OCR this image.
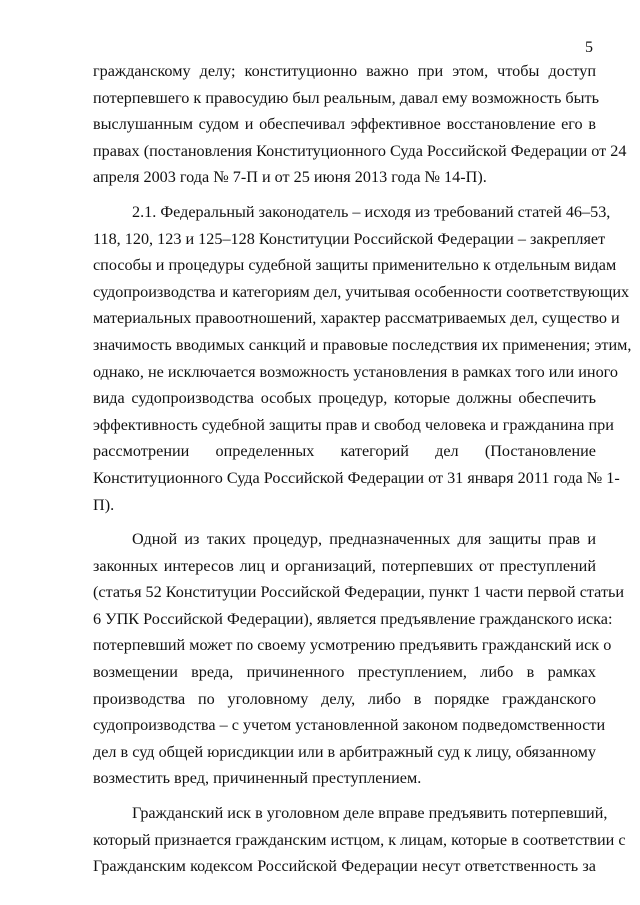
5
гражданскому делу; конституционно важно при этом, чтобы доступ
потерпевшего к правосудию был реальным, давал ему возможность быть
выслушанным судом и обеспечивал эффективное восстановление его в
правах (постановления Конституционного Суда Российской Федерации от 24
апреля 2003 года № 7-П и от 25 июня 2013 года № 14-П).
2.1. Федеральный законодатель – исходя из требований статей 46–53,
118, 120, 123 и 125–128 Конституции Российской Федерации – закрепляет
способы и процедуры судебной защиты применительно к отдельным видам
судопроизводства и категориям дел, учитывая особенности соответствующих
материальных правоотношений, характер рассматриваемых дел, существо и
значимость вводимых санкций и правовые последствия их применения; этим,
однако, не исключается возможность установления в рамках того или иного
вида судопроизводства особых процедур, которые должны обеспечить
эффективность судебной защиты прав и свобод человека и гражданина при
рассмотрении определенных категорий дел (Постановление
Конституционного Суда Российской Федерации от 31 января 2011 года № 1-
П).
Одной из таких процедур, предназначенных для защиты прав и
законных интересов лиц и организаций, потерпевших от преступлений
(статья 52 Конституции Российской Федерации, пункт 1 части первой статьи
6 УПК Российской Федерации), является предъявление гражданского иска:
потерпевший может по своему усмотрению предъявить гражданский иск о
возмещении вреда, причиненного преступлением, либо в рамках
производства по уголовному делу, либо в порядке гражданского
судопроизводства – с учетом установленной законом подведомственности
дел в суд общей юрисдикции или в арбитражный суд к лицу, обязанному
возместить вред, причиненный преступлением.
Гражданский иск в уголовном деле вправе предъявить потерпевший,
который признается гражданским истцом, к лицам, которые в соответствии с
Гражданским кодексом Российской Федерации несут ответственность за
